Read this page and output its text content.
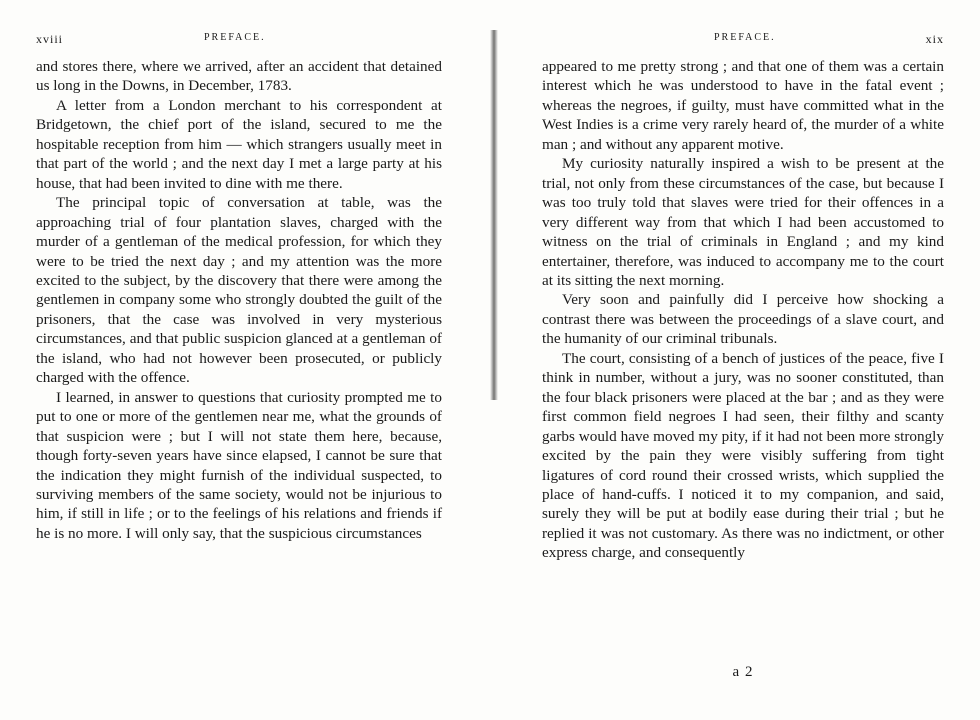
xviii	PREFACE.

and stores there, where we arrived, after an accident that detained us long in the Downs, in December, 1783.

A letter from a London merchant to his correspondent at Bridgetown, the chief port of the island, secured to me the hospitable reception from him — which strangers usually meet in that part of the world ; and the next day I met a large party at his house, that had been invited to dine with me there.

The principal topic of conversation at table, was the approaching trial of four plantation slaves, charged with the murder of a gentleman of the medical profession, for which they were to be tried the next day ; and my attention was the more excited to the subject, by the discovery that there were among the gentlemen in company some who strongly doubted the guilt of the prisoners, that the case was involved in very mysterious circumstances, and that public suspicion glanced at a gentleman of the island, who had not however been prosecuted, or publicly charged with the offence.

I learned, in answer to questions that curiosity prompted me to put to one or more of the gentlemen near me, what the grounds of that suspicion were ; but I will not state them here, because, though forty-seven years have since elapsed, I cannot be sure that the indication they might furnish of the individual suspected, to surviving members of the same society, would not be injurious to him, if still in life ; or to the feelings of his relations and friends if he is no more. I will only say, that the suspicious circumstances

PREFACE.	xix

appeared to me pretty strong ; and that one of them was a certain interest which he was understood to have in the fatal event ; whereas the negroes, if guilty, must have committed what in the West Indies is a crime very rarely heard of, the murder of a white man ; and without any apparent motive.

My curiosity naturally inspired a wish to be present at the trial, not only from these circumstances of the case, but because I was too truly told that slaves were tried for their offences in a very different way from that which I had been accustomed to witness on the trial of criminals in England ; and my kind entertainer, therefore, was induced to accompany me to the court at its sitting the next morning.

Very soon and painfully did I perceive how shocking a contrast there was between the proceedings of a slave court, and the humanity of our criminal tribunals.

The court, consisting of a bench of justices of the peace, five I think in number, without a jury, was no sooner constituted, than the four black prisoners were placed at the bar ; and as they were first common field negroes I had seen, their filthy and scanty garbs would have moved my pity, if it had not been more strongly excited by the pain they were visibly suffering from tight ligatures of cord round their crossed wrists, which supplied the place of hand-cuffs. I noticed it to my companion, and said, surely they will be put at bodily ease during their trial ; but he replied it was not customary. As there was no indictment, or other express charge, and consequently

a 2
